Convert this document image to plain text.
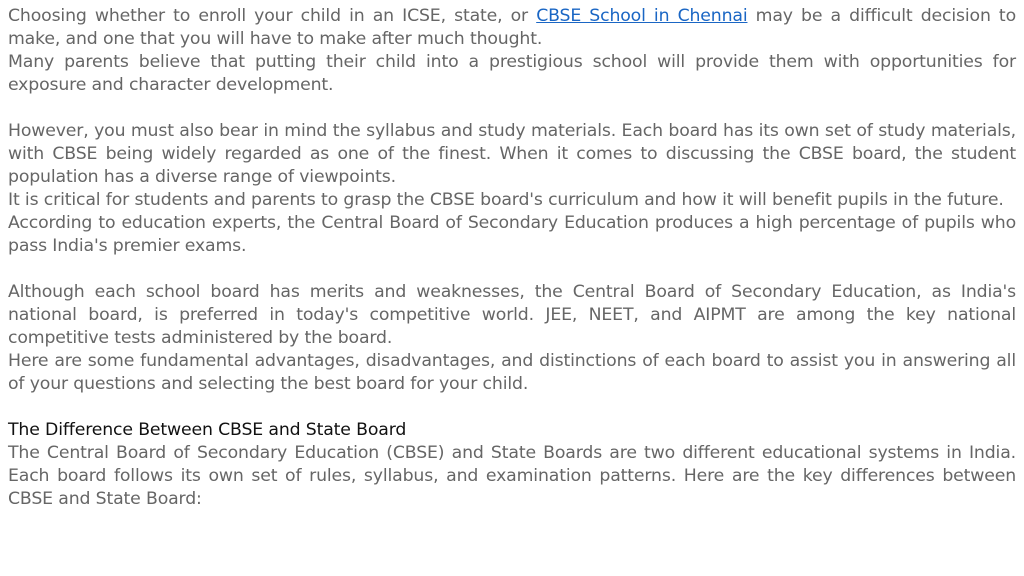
Choosing whether to enroll your child in an ICSE, state, or CBSE School in Chennai may be a difficult decision to make, and one that you will have to make after much thought.

Many parents believe that putting their child into a prestigious school will provide them with opportunities for exposure and character development.

However, you must also bear in mind the syllabus and study materials. Each board has its own set of study materials, with CBSE being widely regarded as one of the finest. When it comes to discussing the CBSE board, the student population has a diverse range of viewpoints.

It is critical for students and parents to grasp the CBSE board's curriculum and how it will benefit pupils in the future.

According to education experts, the Central Board of Secondary Education produces a high percentage of pupils who pass India's premier exams.

Although each school board has merits and weaknesses, the Central Board of Secondary Education, as India's national board, is preferred in today's competitive world. JEE, NEET, and AIPMT are among the key national competitive tests administered by the board.

Here are some fundamental advantages, disadvantages, and distinctions of each board to assist you in answering all of your questions and selecting the best board for your child.

The Difference Between CBSE and State Board

The Central Board of Secondary Education (CBSE) and State Boards are two different educational systems in India. Each board follows its own set of rules, syllabus, and examination patterns. Here are the key differences between CBSE and State Board:
